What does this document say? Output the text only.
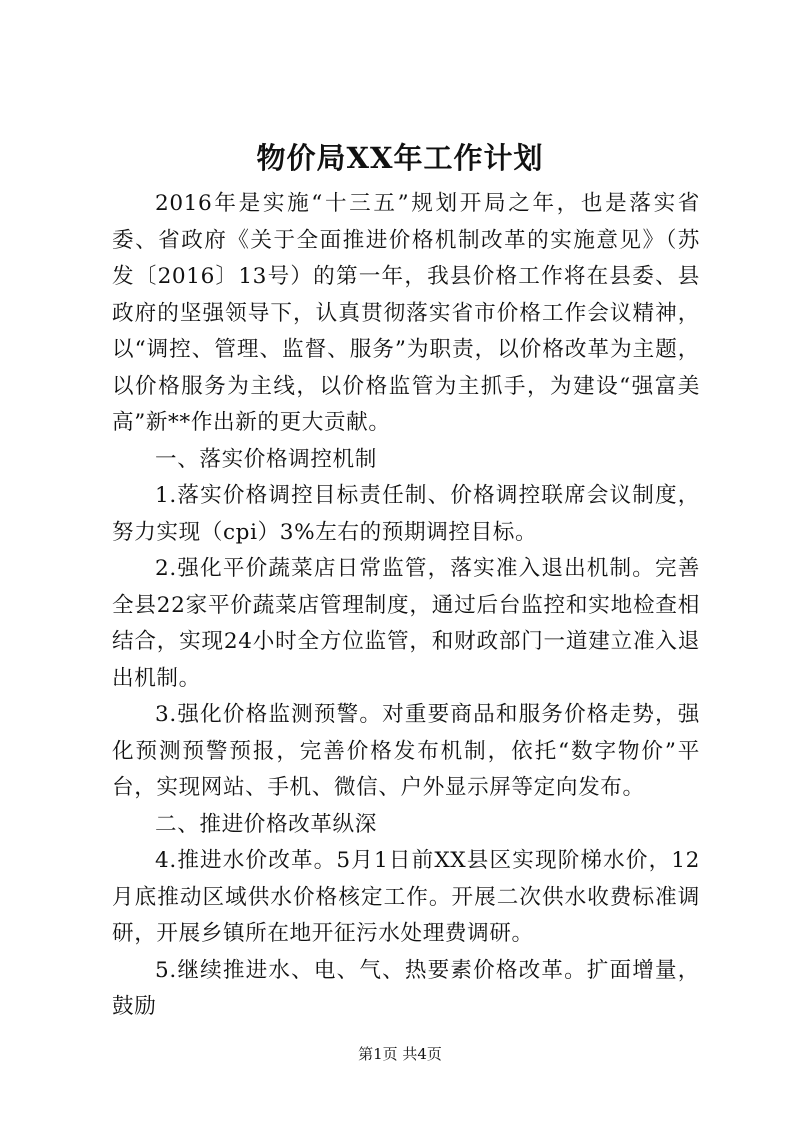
物价局XX年工作计划

2016年是实施“十三五”规划开局之年，也是落实省委、省政府《关于全面推进价格机制改革的实施意见》（苏发〔2016〕13号）的第一年，我县价格工作将在县委、县政府的坚强领导下，认真贯彻落实省市价格工作会议精神，以“调控、管理、监督、服务”为职责，以价格改革为主题，以价格服务为主线，以价格监管为主抓手，为建设“强富美高”新**作出新的更大贡献。

一、落实价格调控机制

1.落实价格调控目标责任制、价格调控联席会议制度，努力实现（cpi）3%左右的预期调控目标。

2.强化平价蔬菜店日常监管，落实准入退出机制。完善全县22家平价蔬菜店管理制度，通过后台监控和实地检查相结合，实现24小时全方位监管，和财政部门一道建立准入退出机制。

3.强化价格监测预警。对重要商品和服务价格走势，强化预测预警预报，完善价格发布机制，依托“数字物价”平台，实现网站、手机、微信、户外显示屏等定向发布。

二、推进价格改革纵深

4.推进水价改革。5月1日前XX县区实现阶梯水价，12月底推动区域供水价格核定工作。开展二次供水收费标准调研，开展乡镇所在地开征污水处理费调研。

5.继续推进水、电、气、热要素价格改革。扩面增量，鼓励

第1页 共4页
